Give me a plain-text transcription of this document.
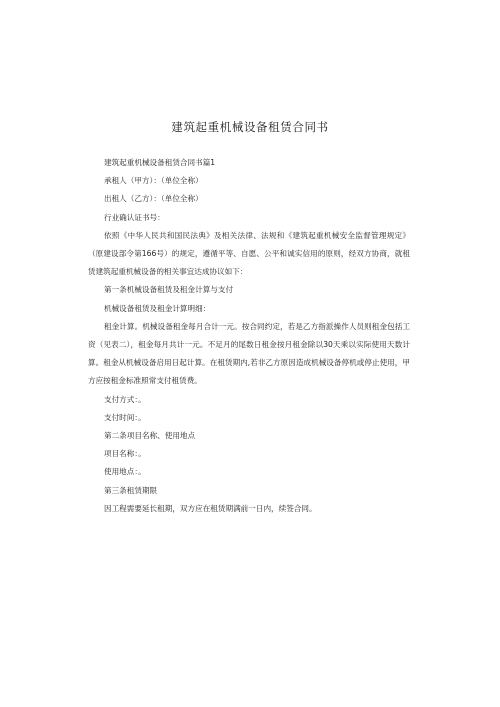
建筑起重机械设备租赁合同书

建筑起重机械设备租赁合同书篇1

承租人（甲方）：（单位全称）

出租人（乙方）：（单位全称）

行业确认证书号：

依照《中华人民共和国民法典》及相关法律、法规和《建筑起重机械安全监督管理规定》（原建设部令第166号）的规定，遵循平等、自愿、公平和诚实信用的原则，经双方协商，就租赁建筑起重机械设备的相关事宜达成协议如下：

第一条机械设备租赁及租金计算与支付

机械设备租赁及租金计算明细：

租金计算。机械设备租金每月合计一元。按合同约定，若是乙方指派操作人员则租金包括工资（见表二），租金每月共计一元。不足月的尾数日租金按月租金除以30天乘以实际使用天数计算。租金从机械设备启用日起计算。在租赁期内,若非乙方原因造成机械设备停机或停止使用，甲方应按租金标准照常支付租赁费。

支付方式：。

支付时间：。

第二条项目名称、使用地点

项目名称：。

使用地点：。

第三条租赁期限

因工程需要延长租期，双方应在租赁期满前一日内，续签合同。
